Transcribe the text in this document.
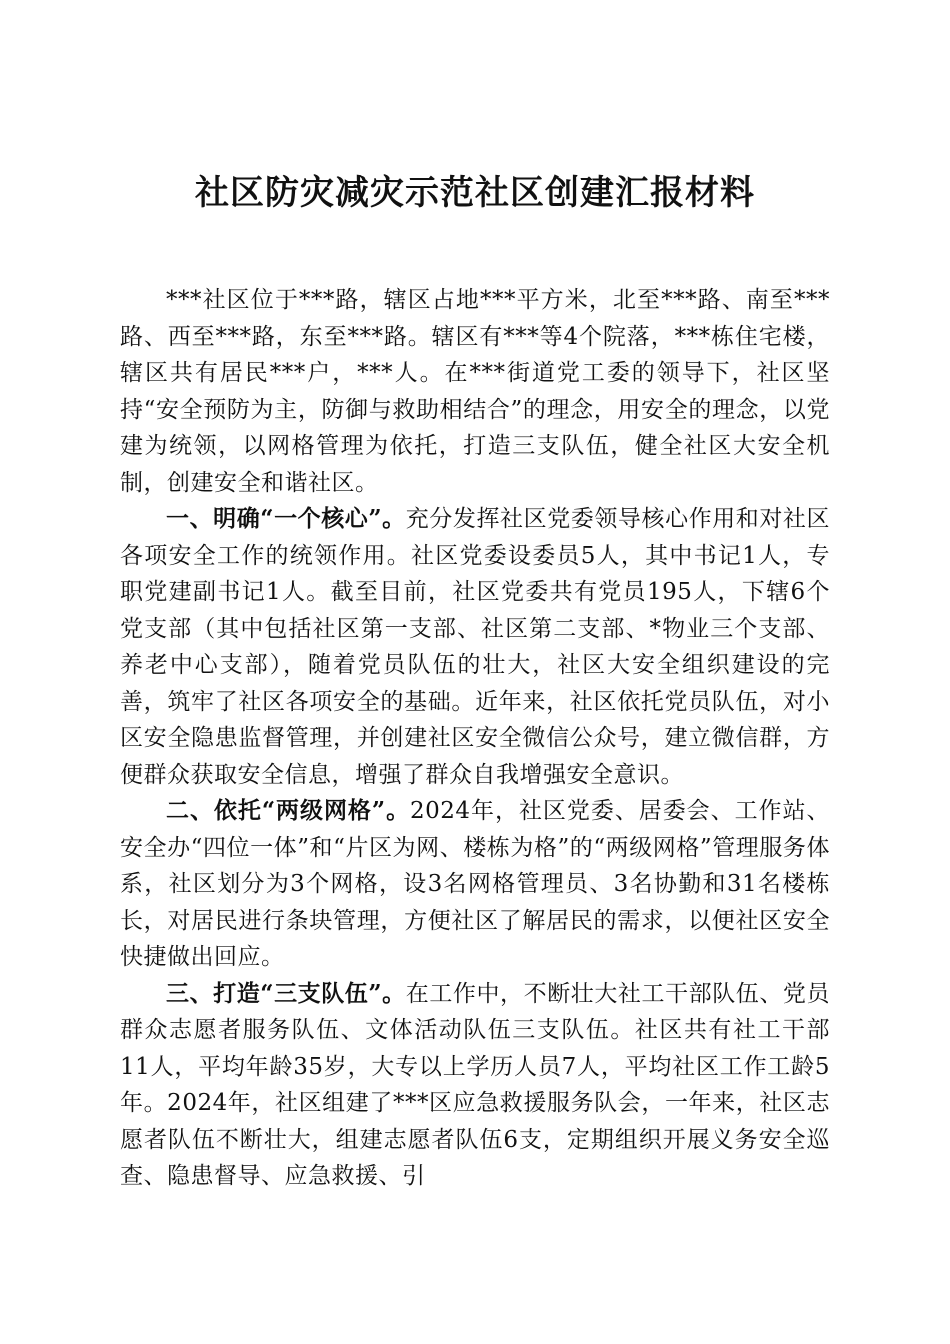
社区防灾减灾示范社区创建汇报材料

***社区位于***路，辖区占地***平方米，北至***路、南至***路、西至***路，东至***路。辖区有***等4个院落，***栋住宅楼，辖区共有居民***户，***人。在***街道党工委的领导下，社区坚持“安全预防为主，防御与救助相结合”的理念，用安全的理念，以党建为统领，以网格管理为依托，打造三支队伍，健全社区大安全机制，创建安全和谐社区。

一、明确“一个核心”。充分发挥社区党委领导核心作用和对社区各项安全工作的统领作用。社区党委设委员5人，其中书记1人，专职党建副书记1人。截至目前，社区党委共有党员195人，下辖6个党支部（其中包括社区第一支部、社区第二支部、*物业三个支部、养老中心支部），随着党员队伍的壮大，社区大安全组织建设的完善，筑牢了社区各项安全的基础。近年来，社区依托党员队伍，对小区安全隐患监督管理，并创建社区安全微信公众号，建立微信群，方便群众获取安全信息，增强了群众自我增强安全意识。

二、依托“两级网格”。2024年，社区党委、居委会、工作站、安全办“四位一体”和“片区为网、楼栋为格”的“两级网格”管理服务体系，社区划分为3个网格，设3名网格管理员、3名协勤和31名楼栋长，对居民进行条块管理，方便社区了解居民的需求，以便社区安全快捷做出回应。

三、打造“三支队伍”。在工作中，不断壮大社工干部队伍、党员群众志愿者服务队伍、文体活动队伍三支队伍。社区共有社工干部11人，平均年龄35岁，大专以上学历人员7人，平均社区工作工龄5年。2024年，社区组建了***区应急救援服务队会，一年来，社区志愿者队伍不断壮大，组建志愿者队伍6支，定期组织开展义务安全巡查、隐患督导、应急救援、引
